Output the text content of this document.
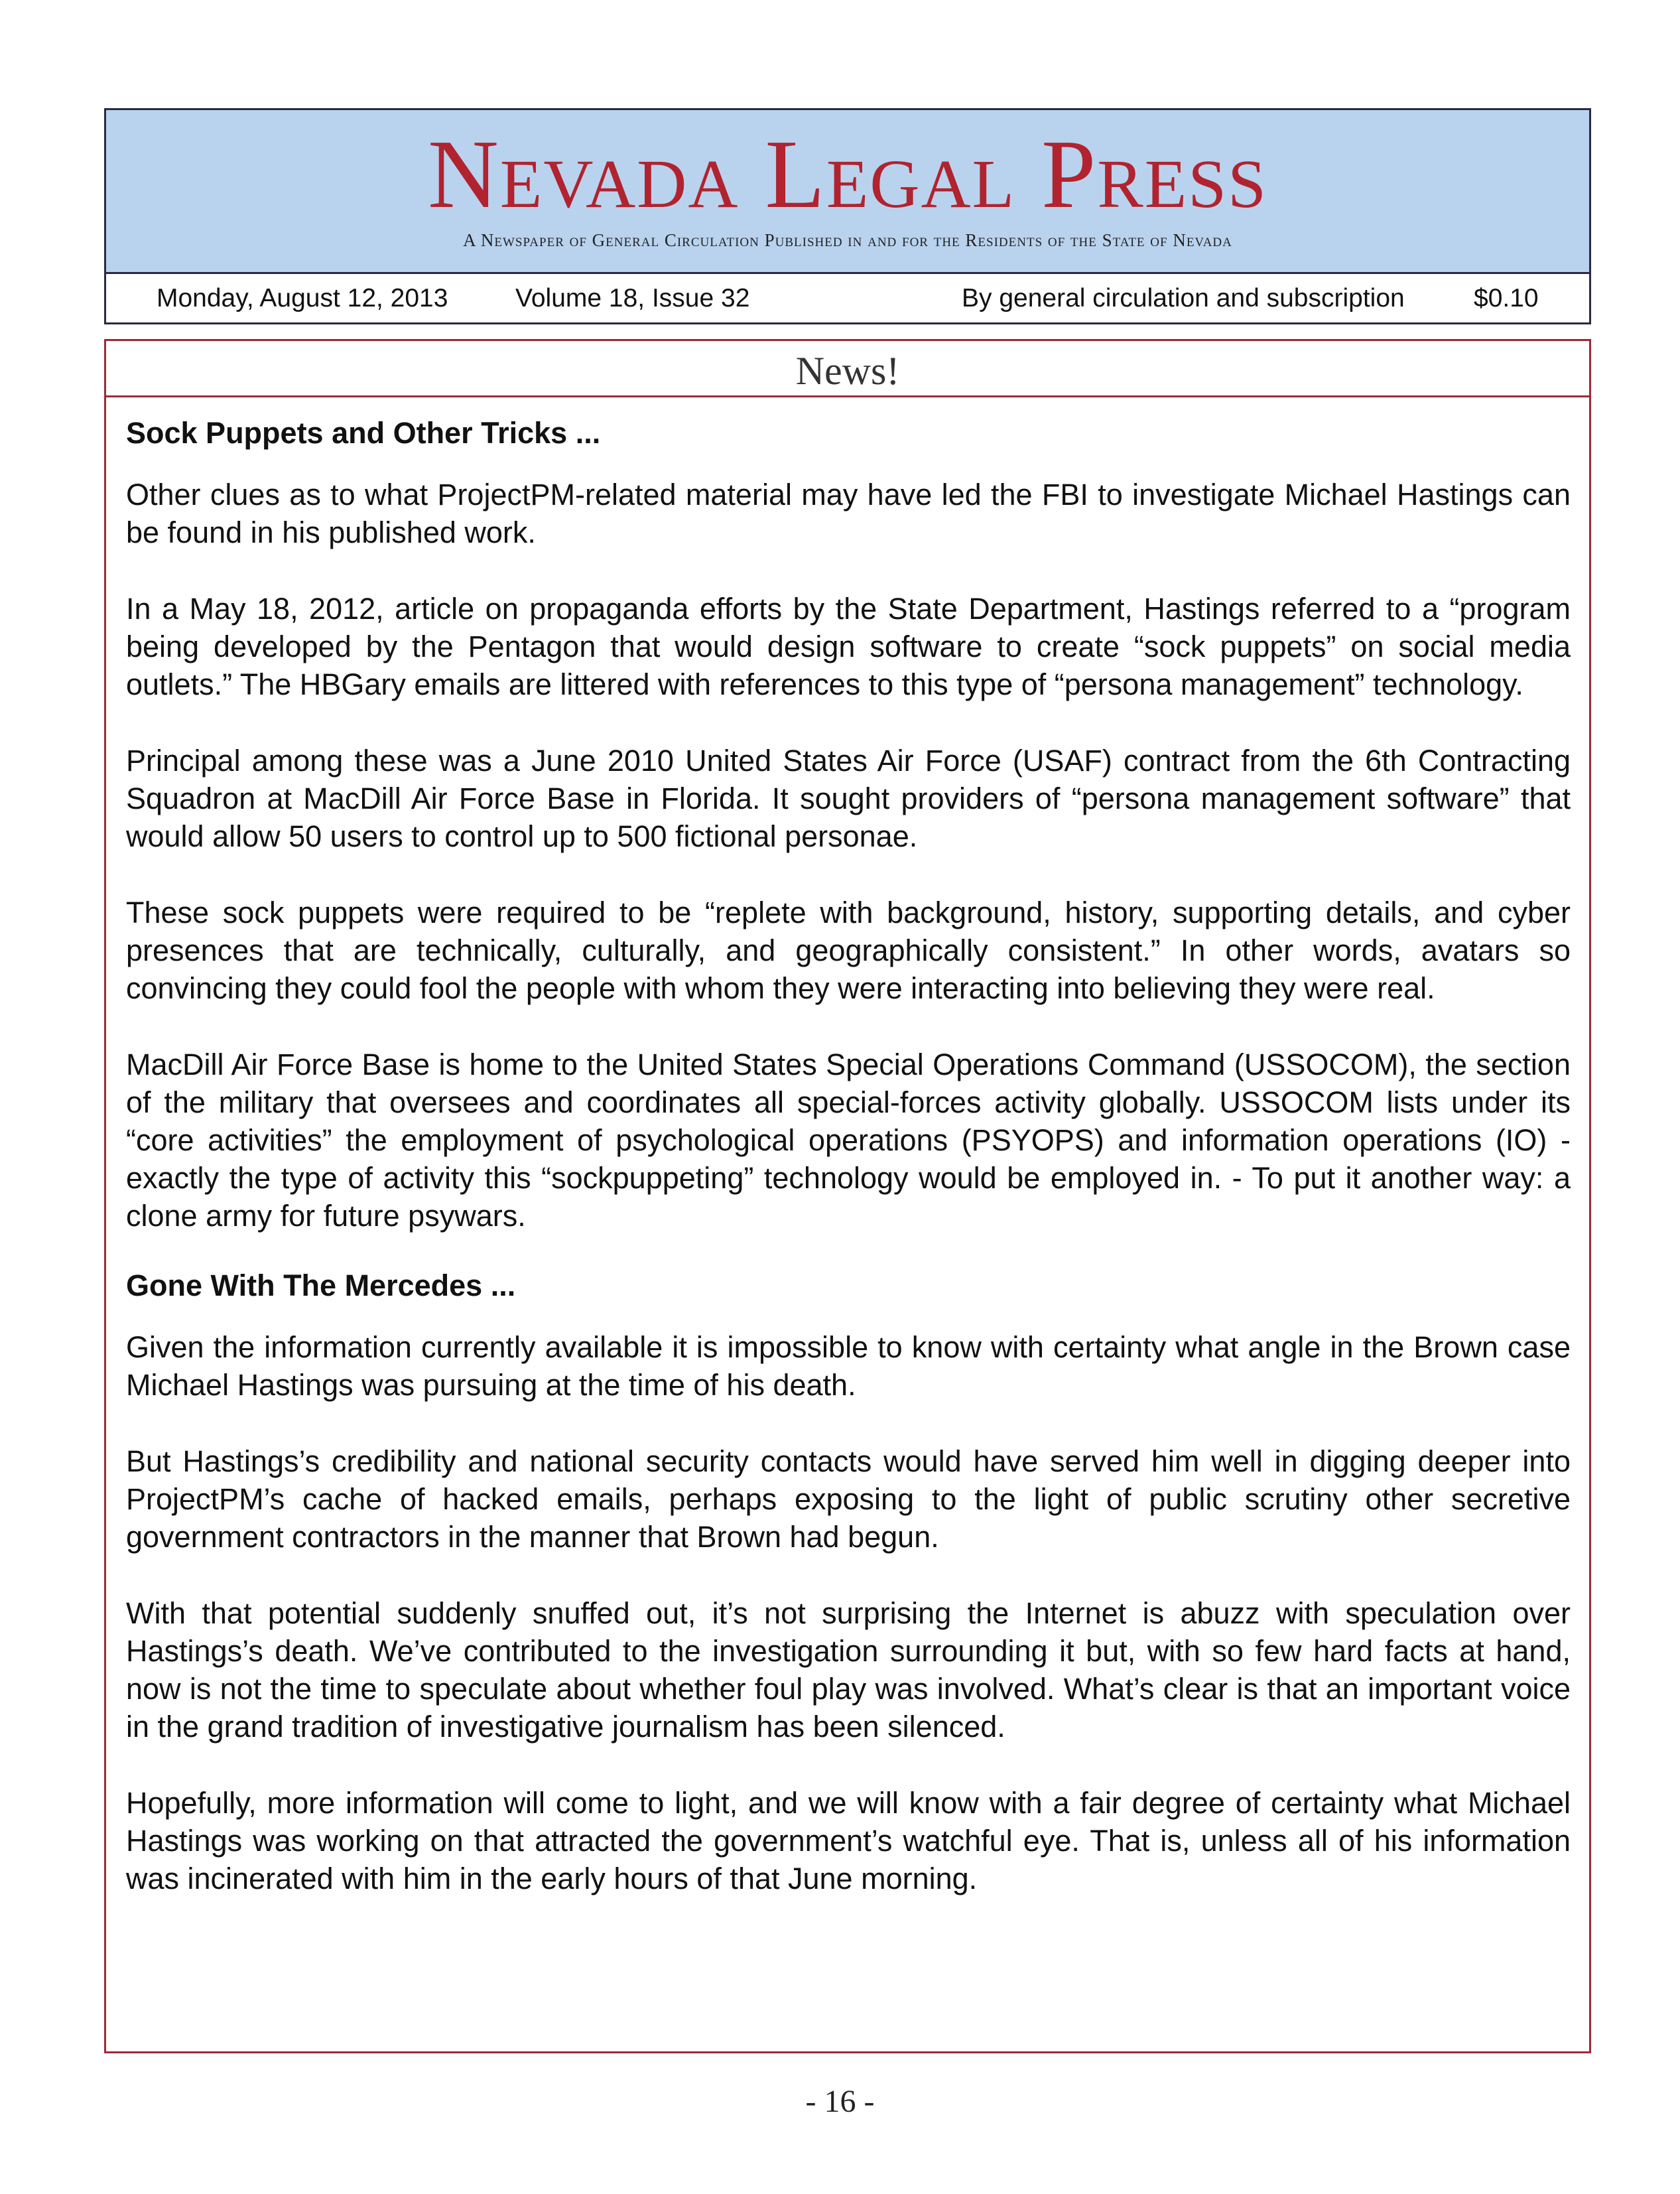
Nevada Legal Press
A Newspaper of General Circulation Published in and for the Residents of the State of Nevada
Monday, August 12, 2013	Volume 18, Issue 32	By general circulation and subscription	$0.10
News!
Sock Puppets and Other Tricks ...

Other clues as to what ProjectPM-related material may have led the FBI to investigate Michael Hastings can be found in his published work.

In a May 18, 2012, article on propaganda efforts by the State Department, Hastings referred to a “program being developed by the Pentagon that would design software to create “sock puppets” on social media outlets.” The HBGary emails are littered with references to this type of “persona management” technology.

Principal among these was a June 2010 United States Air Force (USAF) contract from the 6th Contracting Squadron at MacDill Air Force Base in Florida. It sought providers of “persona management software” that would allow 50 users to control up to 500 fictional personae.

These sock puppets were required to be “replete with background, history, supporting details, and cyber presences that are technically, culturally, and geographically consistent.” In other words, avatars so convincing they could fool the people with whom they were interacting into believing they were real.

MacDill Air Force Base is home to the United States Special Operations Command (USSOCOM), the section of the military that oversees and coordinates all special-forces activity globally. USSOCOM lists under its “core activities” the employment of psychological operations (PSYOPS) and information operations (IO) - exactly the type of activity this “sockpuppeting” technology would be employed in. - To put it another way: a clone army for future psywars.

Gone With The Mercedes ...

Given the information currently available it is impossible to know with certainty what angle in the Brown case Michael Hastings was pursuing at the time of his death.

But Hastings’s credibility and national security contacts would have served him well in digging deeper into ProjectPM’s cache of hacked emails, perhaps exposing to the light of public scrutiny other secretive government contractors in the manner that Brown had begun.

With that potential suddenly snuffed out, it’s not surprising the Internet is abuzz with speculation over Hastings’s death. We’ve contributed to the investigation surrounding it but, with so few hard facts at hand, now is not the time to speculate about whether foul play was involved. What’s clear is that an important voice in the grand tradition of investigative journalism has been silenced.

Hopefully, more information will come to light, and we will know with a fair degree of certainty what Michael Hastings was working on that attracted the government’s watchful eye. That is, unless all of his information was incinerated with him in the early hours of that June morning.

- 16 -
